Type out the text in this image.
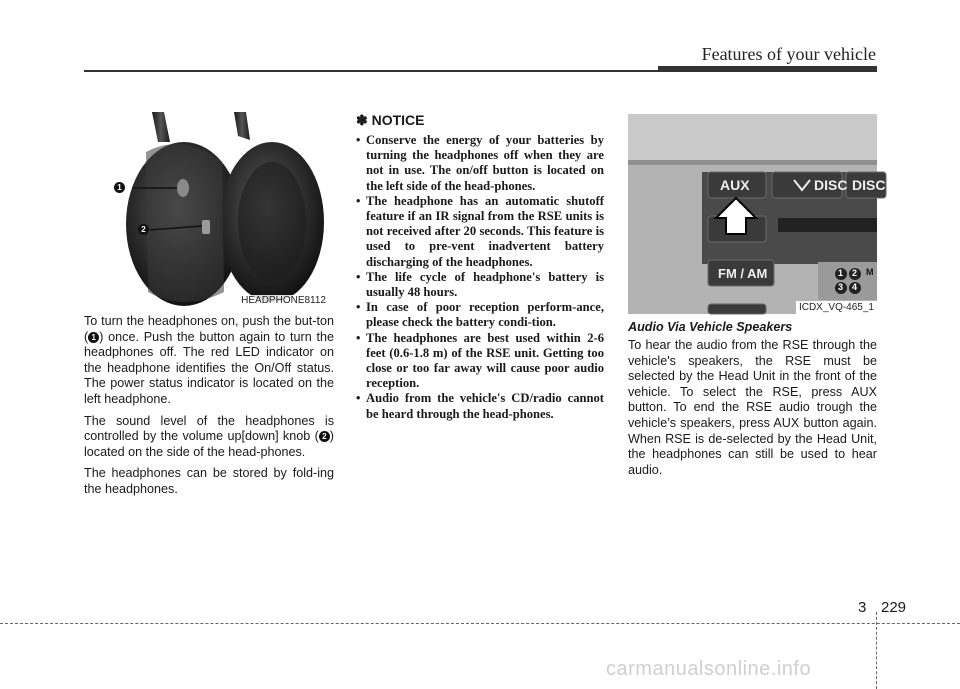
Features of your vehicle
1
2
HEADPHONE8112

To turn the headphones on, push the but-ton ( 1 ) once. Push the button again to turn the headphones off. The red LED indicator on the headphone identifies the On/Off status. The power status indicator is located on the left headphone.

The sound level of the headphones is controlled by the volume up[down] knob ( 2 ) located on the side of the head-phones.

The headphones can be stored by fold-ing the headphones.

✽ NOTICE
• Conserve the energy of your batteries by turning the headphones off when they are not in use. The on/off button is located on the left side of the head-phones.
• The headphone has an automatic shutoff feature if an IR signal from the RSE units is not received after 20 seconds. This feature is used to pre-vent inadvertent battery discharging of the headphones.
• The life cycle of headphone's battery is usually 48 hours.
• In case of poor reception perform-ance, please check the battery condi-tion.
• The headphones are best used within 2-6 feet (0.6-1.8 m) of the RSE unit. Getting too close or too far away will cause poor audio reception.
• Audio from the vehicle's CD/radio cannot be heard through the head-phones.
AUX	DISC DISC
FM / AM	M
1 2
3 4
ICDX_VQ-465_1
Audio Via Vehicle Speakers

To hear the audio from the RSE through the vehicle's speakers, the RSE must be selected by the Head Unit in the front of the vehicle. To select the RSE, press AUX button. To end the RSE audio trough the vehicle’s speakers, press AUX button again. When RSE is de-selected by the Head Unit, the headphones can still be used to hear audio.

3 229
carmanualsonline.info
